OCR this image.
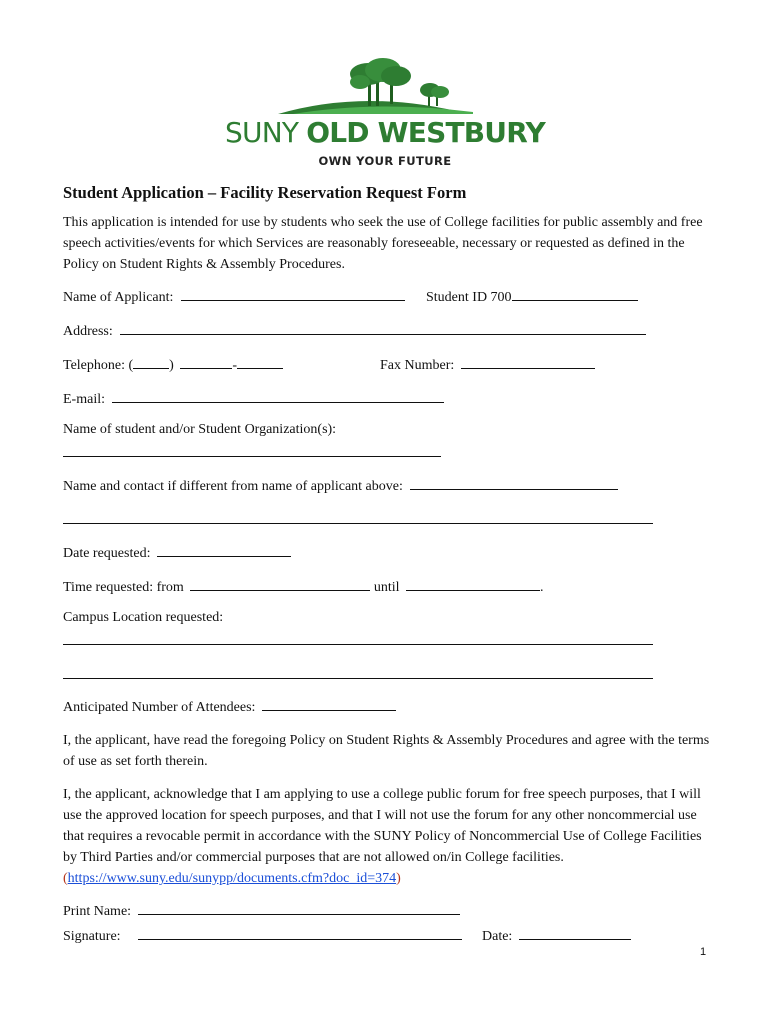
SUNY OLD WESTBURY
OWN YOUR FUTURE
Student Application – Facility Reservation Request Form
This application is intended for use by students who seek the use of College facilities for public assembly and free speech activities/events for which Services are reasonably foreseeable, necessary or requested as defined in the Policy on Student Rights & Assembly Procedures.
Name of Applicant:	Student ID 700
Address:
Telephone: (	)	-	Fax Number:
E-mail:
Name of student and/or Student Organization(s):
Name and contact if different from name of applicant above:
Date requested:
Time requested: from	until	.
Campus Location requested:
Anticipated Number of Attendees:
I, the applicant, have read the foregoing Policy on Student Rights & Assembly Procedures and agree with the terms of use as set forth therein.
I, the applicant, acknowledge that I am applying to use a college public forum for free speech purposes, that I will use the approved location for speech purposes, and that I will not use the forum for any other noncommercial use that requires a revocable permit in accordance with the SUNY Policy of Noncommercial Use of College Facilities by Third Parties and/or commercial purposes that are not allowed on/in College facilities. (https://www.suny.edu/sunypp/documents.cfm?doc_id=374)
Print Name:
Signature:	Date:
1
